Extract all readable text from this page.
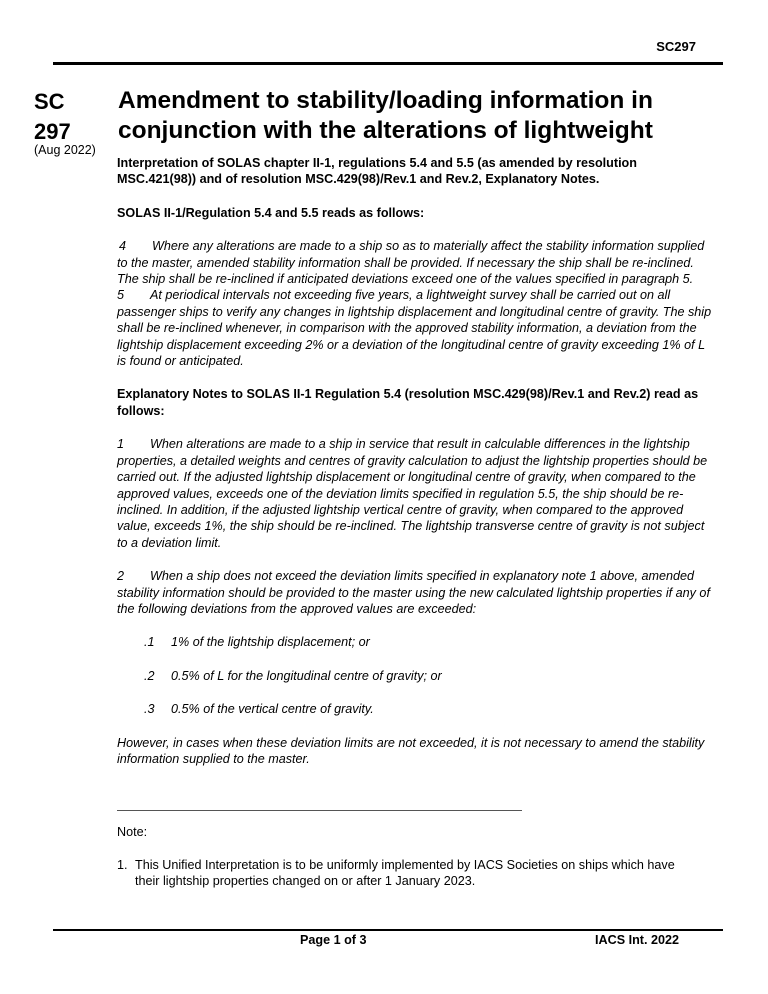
SC297
SC
297
(Aug 2022)
Amendment to stability/loading information in conjunction with the alterations of lightweight

Interpretation of SOLAS chapter II-1, regulations 5.4 and 5.5 (as amended by resolution MSC.421(98)) and of resolution MSC.429(98)/Rev.1 and Rev.2, Explanatory Notes.

SOLAS II-1/Regulation 5.4 and 5.5 reads as follows:

4 Where any alterations are made to a ship so as to materially affect the stability information supplied to the master, amended stability information shall be provided. If necessary the ship shall be re-inclined. The ship shall be re-inclined if anticipated deviations exceed one of the values specified in paragraph 5.

5 At periodical intervals not exceeding five years, a lightweight survey shall be carried out on all passenger ships to verify any changes in lightship displacement and longitudinal centre of gravity. The ship shall be re-inclined whenever, in comparison with the approved stability information, a deviation from the lightship displacement exceeding 2% or a deviation of the longitudinal centre of gravity exceeding 1% of L is found or anticipated.

Explanatory Notes to SOLAS II-1 Regulation 5.4 (resolution MSC.429(98)/Rev.1 and Rev.2) read as follows:

1 When alterations are made to a ship in service that result in calculable differences in the lightship properties, a detailed weights and centres of gravity calculation to adjust the lightship properties should be carried out. If the adjusted lightship displacement or longitudinal centre of gravity, when compared to the approved values, exceeds one of the deviation limits specified in regulation 5.5, the ship should be re-inclined. In addition, if the adjusted lightship vertical centre of gravity, when compared to the approved value, exceeds 1%, the ship should be re-inclined. The lightship transverse centre of gravity is not subject to a deviation limit.

2 When a ship does not exceed the deviation limits specified in explanatory note 1 above, amended stability information should be provided to the master using the new calculated lightship properties if any of the following deviations from the approved values are exceeded:

.1 1% of the lightship displacement; or

.2 0.5% of L for the longitudinal centre of gravity; or

.3 0.5% of the vertical centre of gravity.

However, in cases when these deviation limits are not exceeded, it is not necessary to amend the stability information supplied to the master.

Note:
1. This Unified Interpretation is to be uniformly implemented by IACS Societies on ships which have their lightship properties changed on or after 1 January 2023.
Page 1 of 3	IACS Int. 2022
